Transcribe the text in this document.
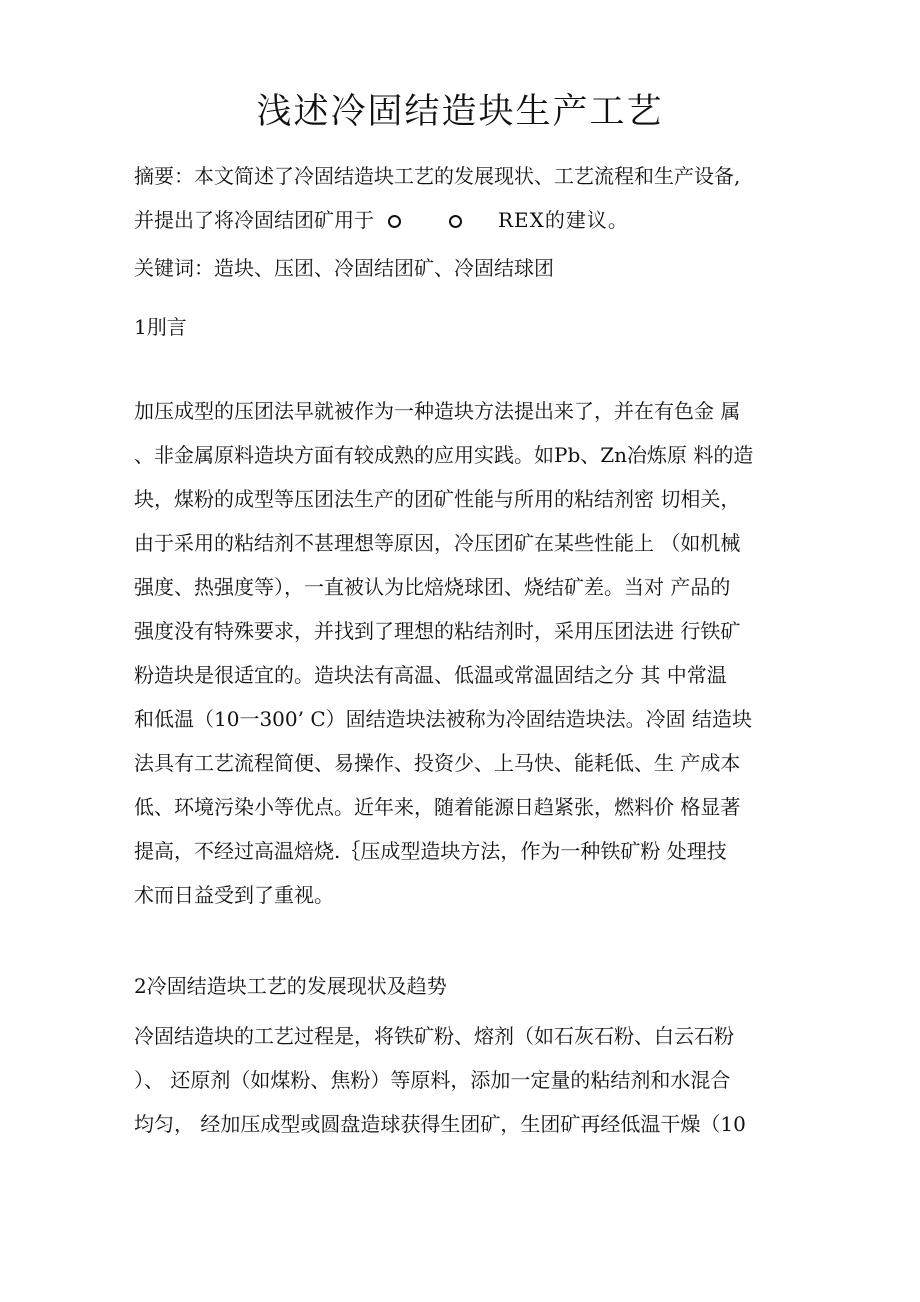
浅述冷固结造块生产工艺
摘要：本文简述了冷固结造块工艺的发展现状、工艺流程和生产设备,
并提出了将冷固结团矿用于	REX的建议。
关键词：造块、压团、冷固结团矿、冷固结球团
1刖言

加压成型的压团法早就被作为一种造块方法提出来了，并在有色金 属

、非金属原料造块方面有较成熟的应用实践。如Pb、Zn冶炼原 料的造

块，煤粉的成型等压团法生产的团矿性能与所用的粘结剂密 切相关，

由于采用的粘结剂不甚理想等原因，冷压团矿在某些性能上 （如机械

强度、热强度等），一直被认为比焙烧球团、烧结矿差。当对 产品的

强度没有特殊要求，并找到了理想的粘结剂时，采用压团法进 行铁矿

粉造块是很适宜的。造块法有高温、低温或常温固结之分 其 中常温

和低温（10一300’ C）固结造块法被称为冷固结造块法。冷固 结造块

法具有工艺流程简便、易操作、投资少、上马快、能耗低、生 产成本

低、环境污染小等优点。近年来，随着能源日趋紧张，燃料价 格显著

提高，不经过高温焙烧.｛压成型造块方法，作为一种铁矿粉 处理技

术而日益受到了重视。

2冷固结造块工艺的发展现状及趋势

冷固结造块的工艺过程是，将铁矿粉、熔剂（如石灰石粉、白云石粉

）、 还原剂（如煤粉、焦粉）等原料，添加一定量的粘结剂和水混合

均匀， 经加压成型或圆盘造球获得生团矿，生团矿再经低温干燥（10
